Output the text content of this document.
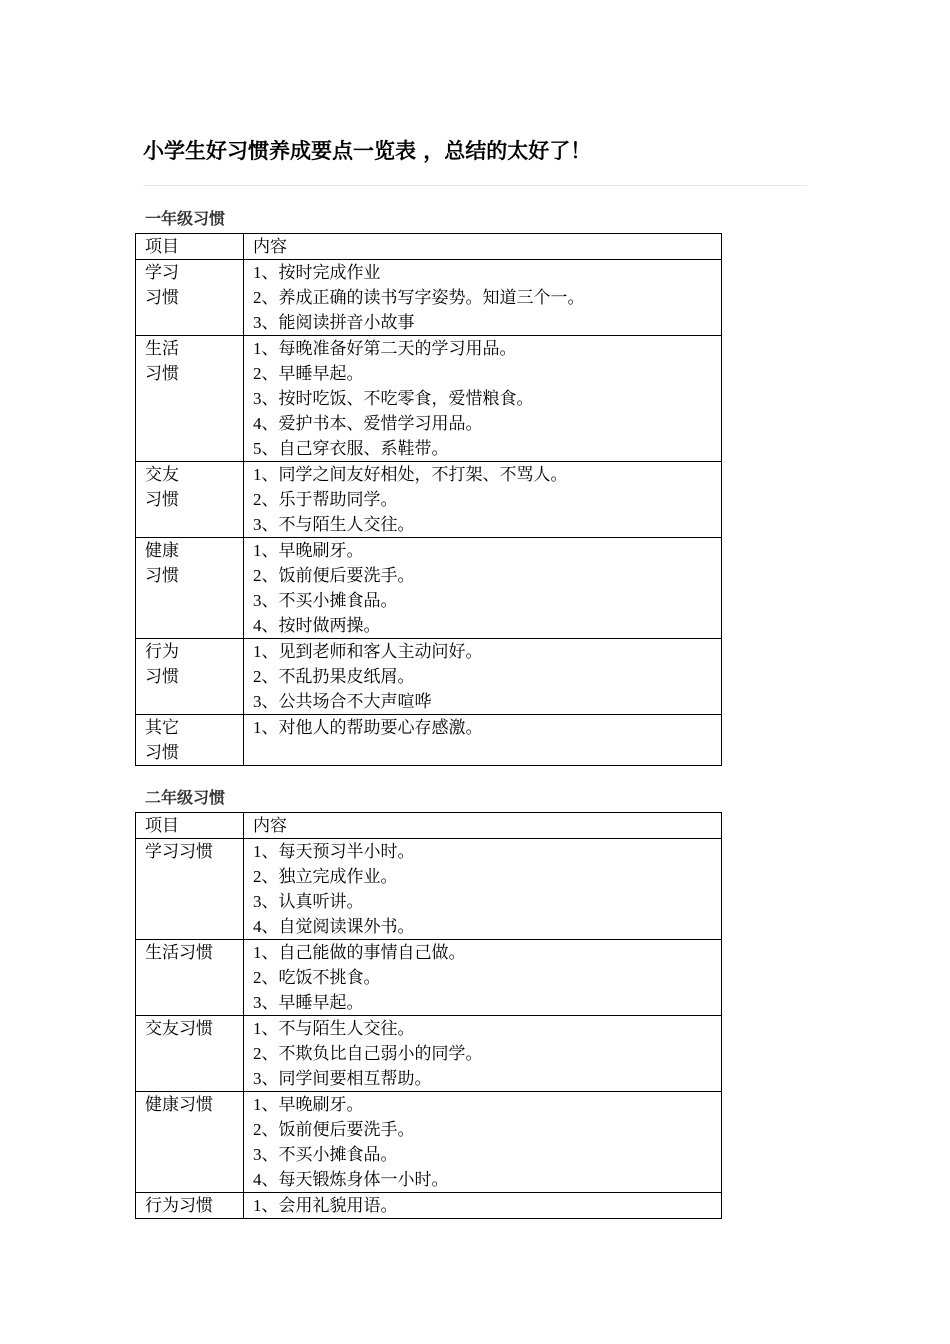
小学生好习惯养成要点一览表 ，总结的太好了！
一年级习惯
项目	内容

学习
习惯	1、按时完成作业
2、养成正确的读书写字姿势。知道三个一。
3、能阅读拼音小故事

生活
习惯	1、每晚准备好第二天的学习用品。
2、早睡早起。
3、按时吃饭、不吃零食，爱惜粮食。
4、爱护书本、爱惜学习用品。
5、自己穿衣服、系鞋带。

交友
习惯	1、同学之间友好相处，不打架、不骂人。
2、乐于帮助同学。
3、不与陌生人交往。

健康
习惯	1、早晚刷牙。
2、饭前便后要洗手。
3、不买小摊食品。
4、按时做两操。

行为
习惯	1、见到老师和客人主动问好。
2、不乱扔果皮纸屑。
3、公共场合不大声喧哗

其它
习惯	1、对他人的帮助要心存感激。
二年级习惯
项目	内容

学习习惯	1、每天预习半小时。
2、独立完成作业。
3、认真听讲。
4、自觉阅读课外书。

生活习惯	1、自己能做的事情自己做。
2、吃饭不挑食。
3、早睡早起。

交友习惯	1、不与陌生人交往。
2、不欺负比自己弱小的同学。
3、同学间要相互帮助。

健康习惯	1、早晚刷牙。
2、饭前便后要洗手。
3、不买小摊食品。
4、每天锻炼身体一小时。

行为习惯	1、会用礼貌用语。
